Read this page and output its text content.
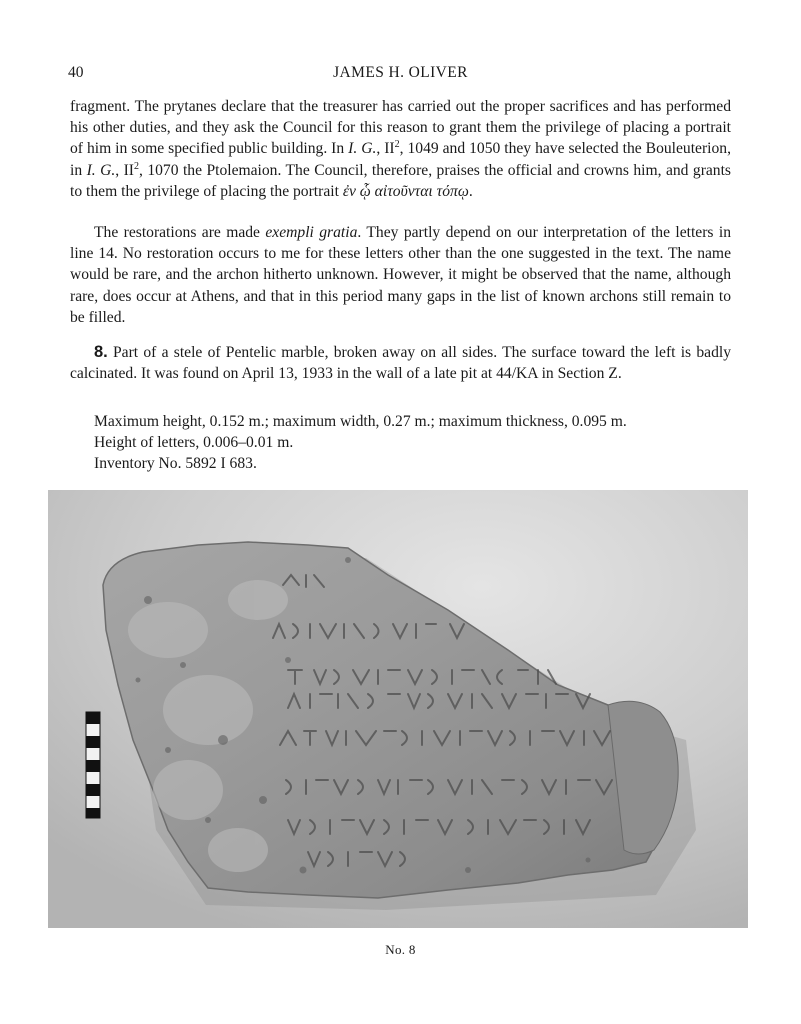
40	JAMES H. OLIVER

fragment. The prytanes declare that the treasurer has carried out the proper sacrifices and has performed his other duties, and they ask the Council for this reason to grant them the privilege of placing a portrait of him in some specified public building. In I. G., $II^2$, 1049 and 1050 they have selected the Bouleuterion, in I. G., $II^2$, 1070 the Ptolemaion. The Council, therefore, praises the official and crowns him, and grants to them the privilege of placing the portrait ἐν ᾧ αἰτοῦνται τόπῳ.

The restorations are made exempli gratia. They partly depend on our interpretation of the letters in line 14. No restoration occurs to me for these letters other than the one suggested in the text. The name would be rare, and the archon hitherto unknown. However, it might be observed that the name, although rare, does occur at Athens, and that in this period many gaps in the list of known archons still remain to be filled.

8. Part of a stele of Pentelic marble, broken away on all sides. The surface toward the left is badly calcinated. It was found on April 13, 1933 in the wall of a late pit at 44/KA in Section Z.

Maximum height, 0.152 m.; maximum width, 0.27 m.; maximum thickness, 0.095 m.

Height of letters, 0.006–0.01 m.

Inventory No. 5892 I 683.

No. 8
